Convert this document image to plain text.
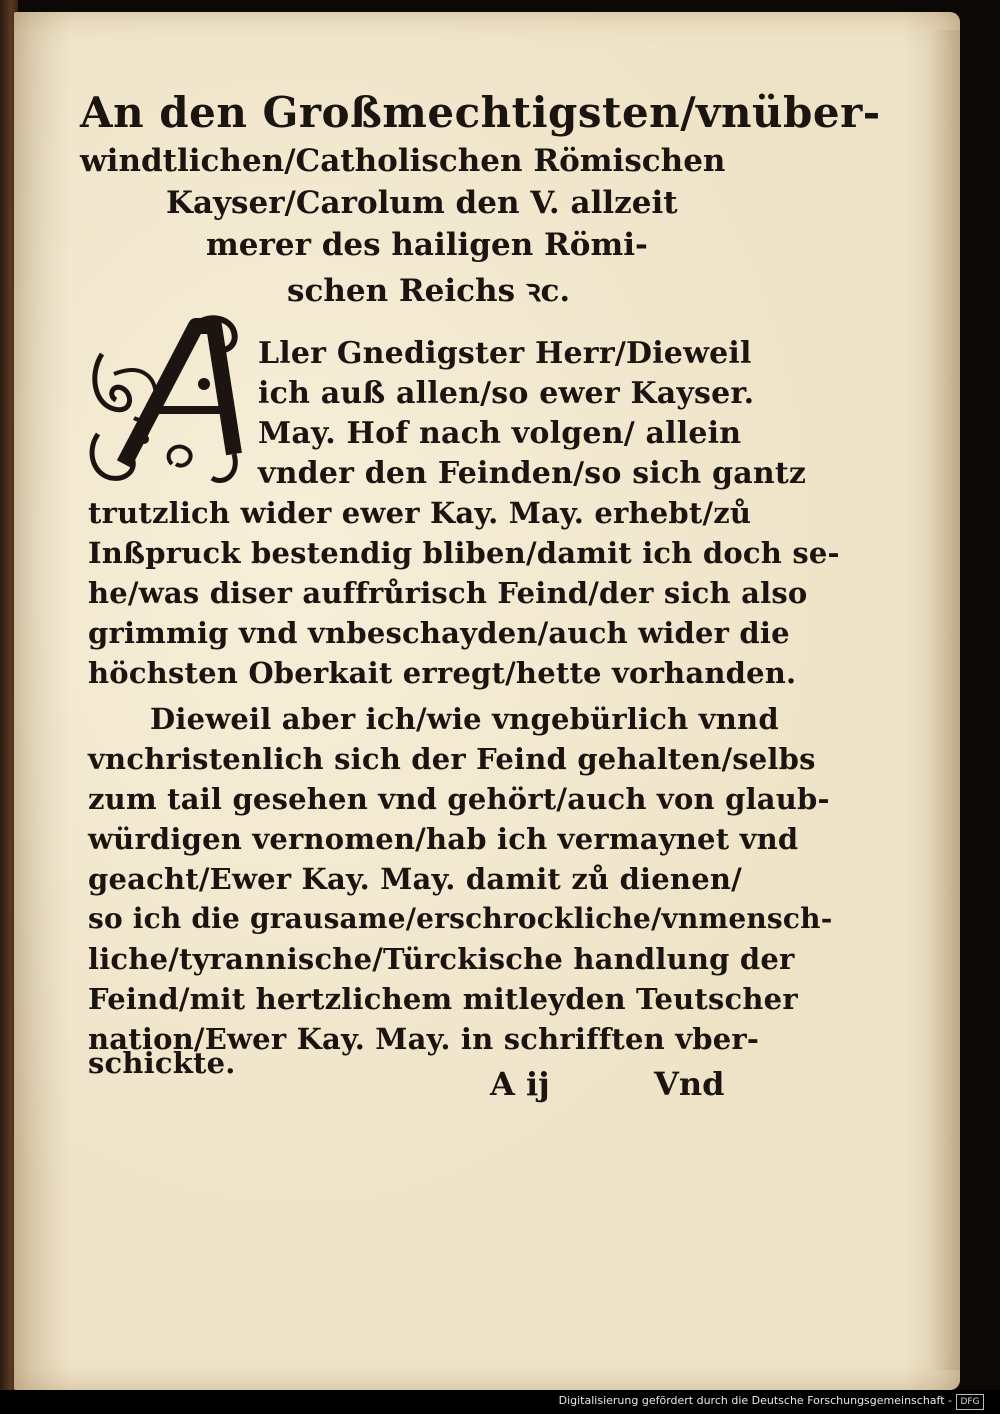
An den Großmechtigsten/vnüber-
windtlichen/Catholischen Römischen
Kayser/Carolum den V. allzeit
merer des hailigen Römi-
schen Reichs ꝛc.
Ller Gnedigster Herr/Dieweil
ich auß allen/so ewer Kayser.
May. Hof nach volgen/ allein
vnder den Feinden/so sich gantz
trutzlich wider ewer Kay. May. erhebt/zů
Inßpruck bestendig bliben/damit ich doch se-
he/was diser auffrůrisch Feind/der sich also
grimmig vnd vnbeschayden/auch wider die
höchsten Oberkait erregt/hette vorhanden.
Dieweil aber ich/wie vngebürlich vnnd
vnchristenlich sich der Feind gehalten/selbs
zum tail gesehen vnd gehört/auch von glaub-
würdigen vernomen/hab ich vermaynet vnd
geacht/Ewer Kay. May. damit zů dienen/
so ich die grausame/erschrockliche/vnmensch-
liche/tyrannische/Türckische handlung der
Feind/mit hertzlichem mitleyden Teutscher
nation/Ewer Kay. May. in schrifften vber-
schickte.
A ij	Vnd
Digitalisierung gefördert durch die Deutsche Forschungsgemeinschaft - DFG
